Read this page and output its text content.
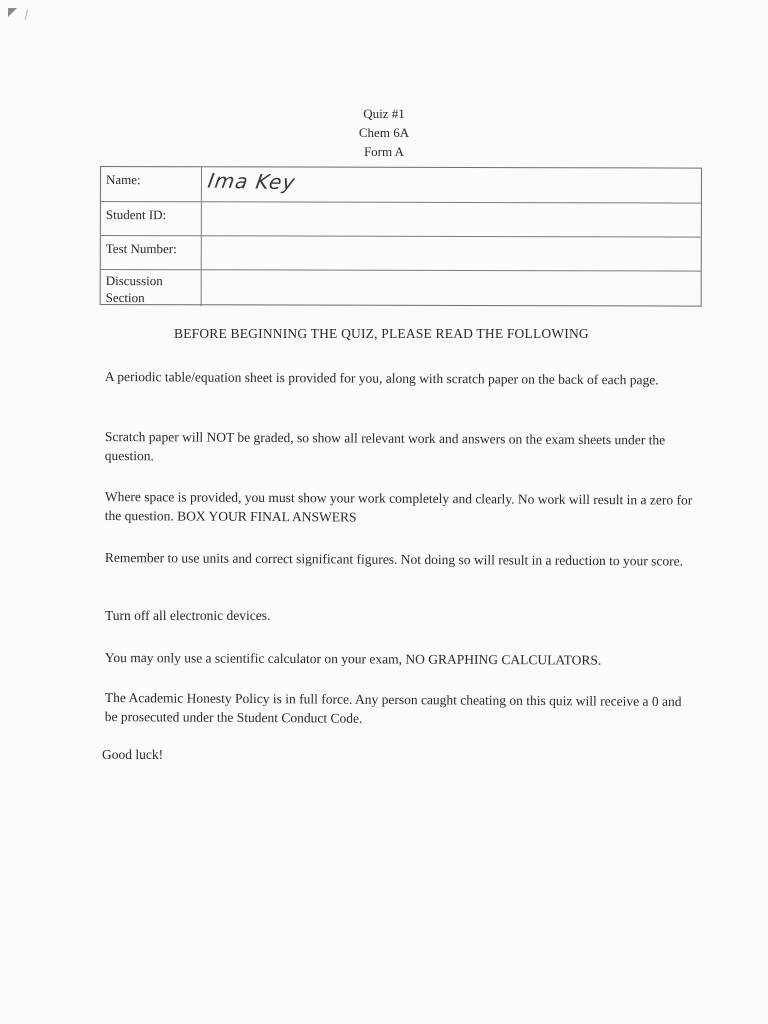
Quiz #1
Chem 6A
Form A
Name:	Ima Key
Student ID:
Test Number:
Discussion
Section
BEFORE BEGINNING THE QUIZ, PLEASE READ THE FOLLOWING
A periodic table/equation sheet is provided for you, along with scratch paper on the back of each page.
Scratch paper will NOT be graded, so show all relevant work and answers on the exam sheets under the question.
Where space is provided, you must show your work completely and clearly. No work will result in a zero for the question. BOX YOUR FINAL ANSWERS
Remember to use units and correct significant figures. Not doing so will result in a reduction to your score.
Turn off all electronic devices.
You may only use a scientific calculator on your exam, NO GRAPHING CALCULATORS.
The Academic Honesty Policy is in full force. Any person caught cheating on this quiz will receive a 0 and be prosecuted under the Student Conduct Code.
Good luck!
